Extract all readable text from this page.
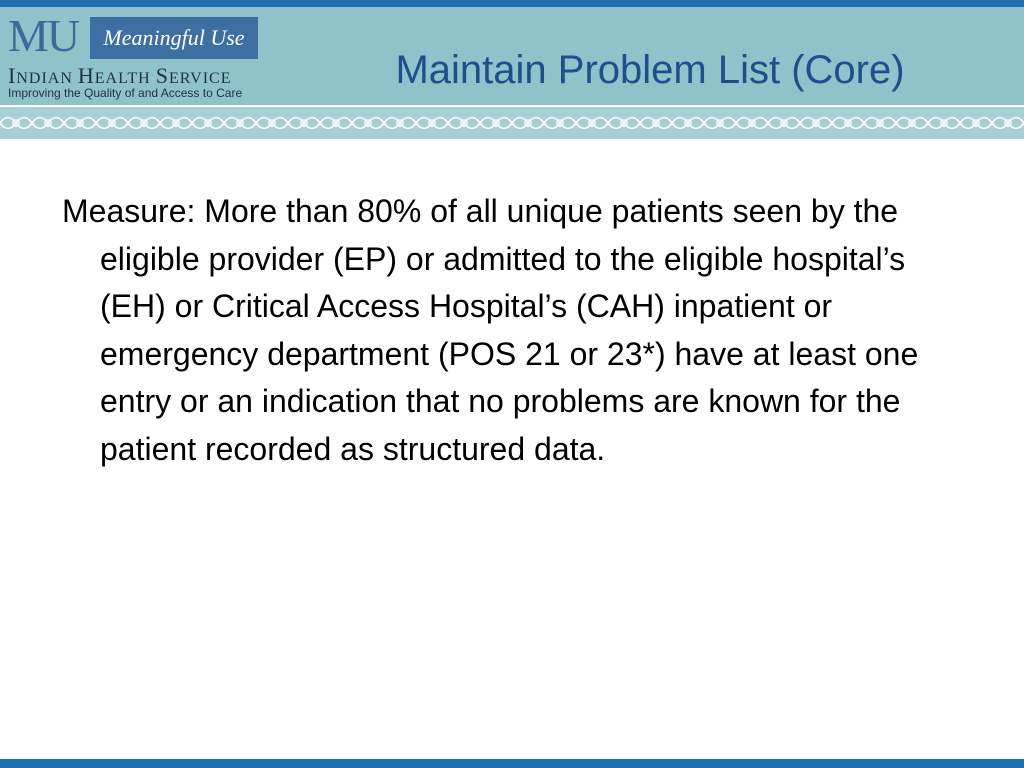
MU	Meaningful Use
INDIAN HEALTH SERVICE
Improving the Quality of and Access to Care
Maintain Problem List (Core)

Measure: More than 80% of all unique patients seen by the eligible provider (EP) or admitted to the eligible hospital’s (EH) or Critical Access Hospital’s (CAH) inpatient or emergency department (POS 21 or 23*) have at least one entry or an indication that no problems are known for the patient recorded as structured data.
